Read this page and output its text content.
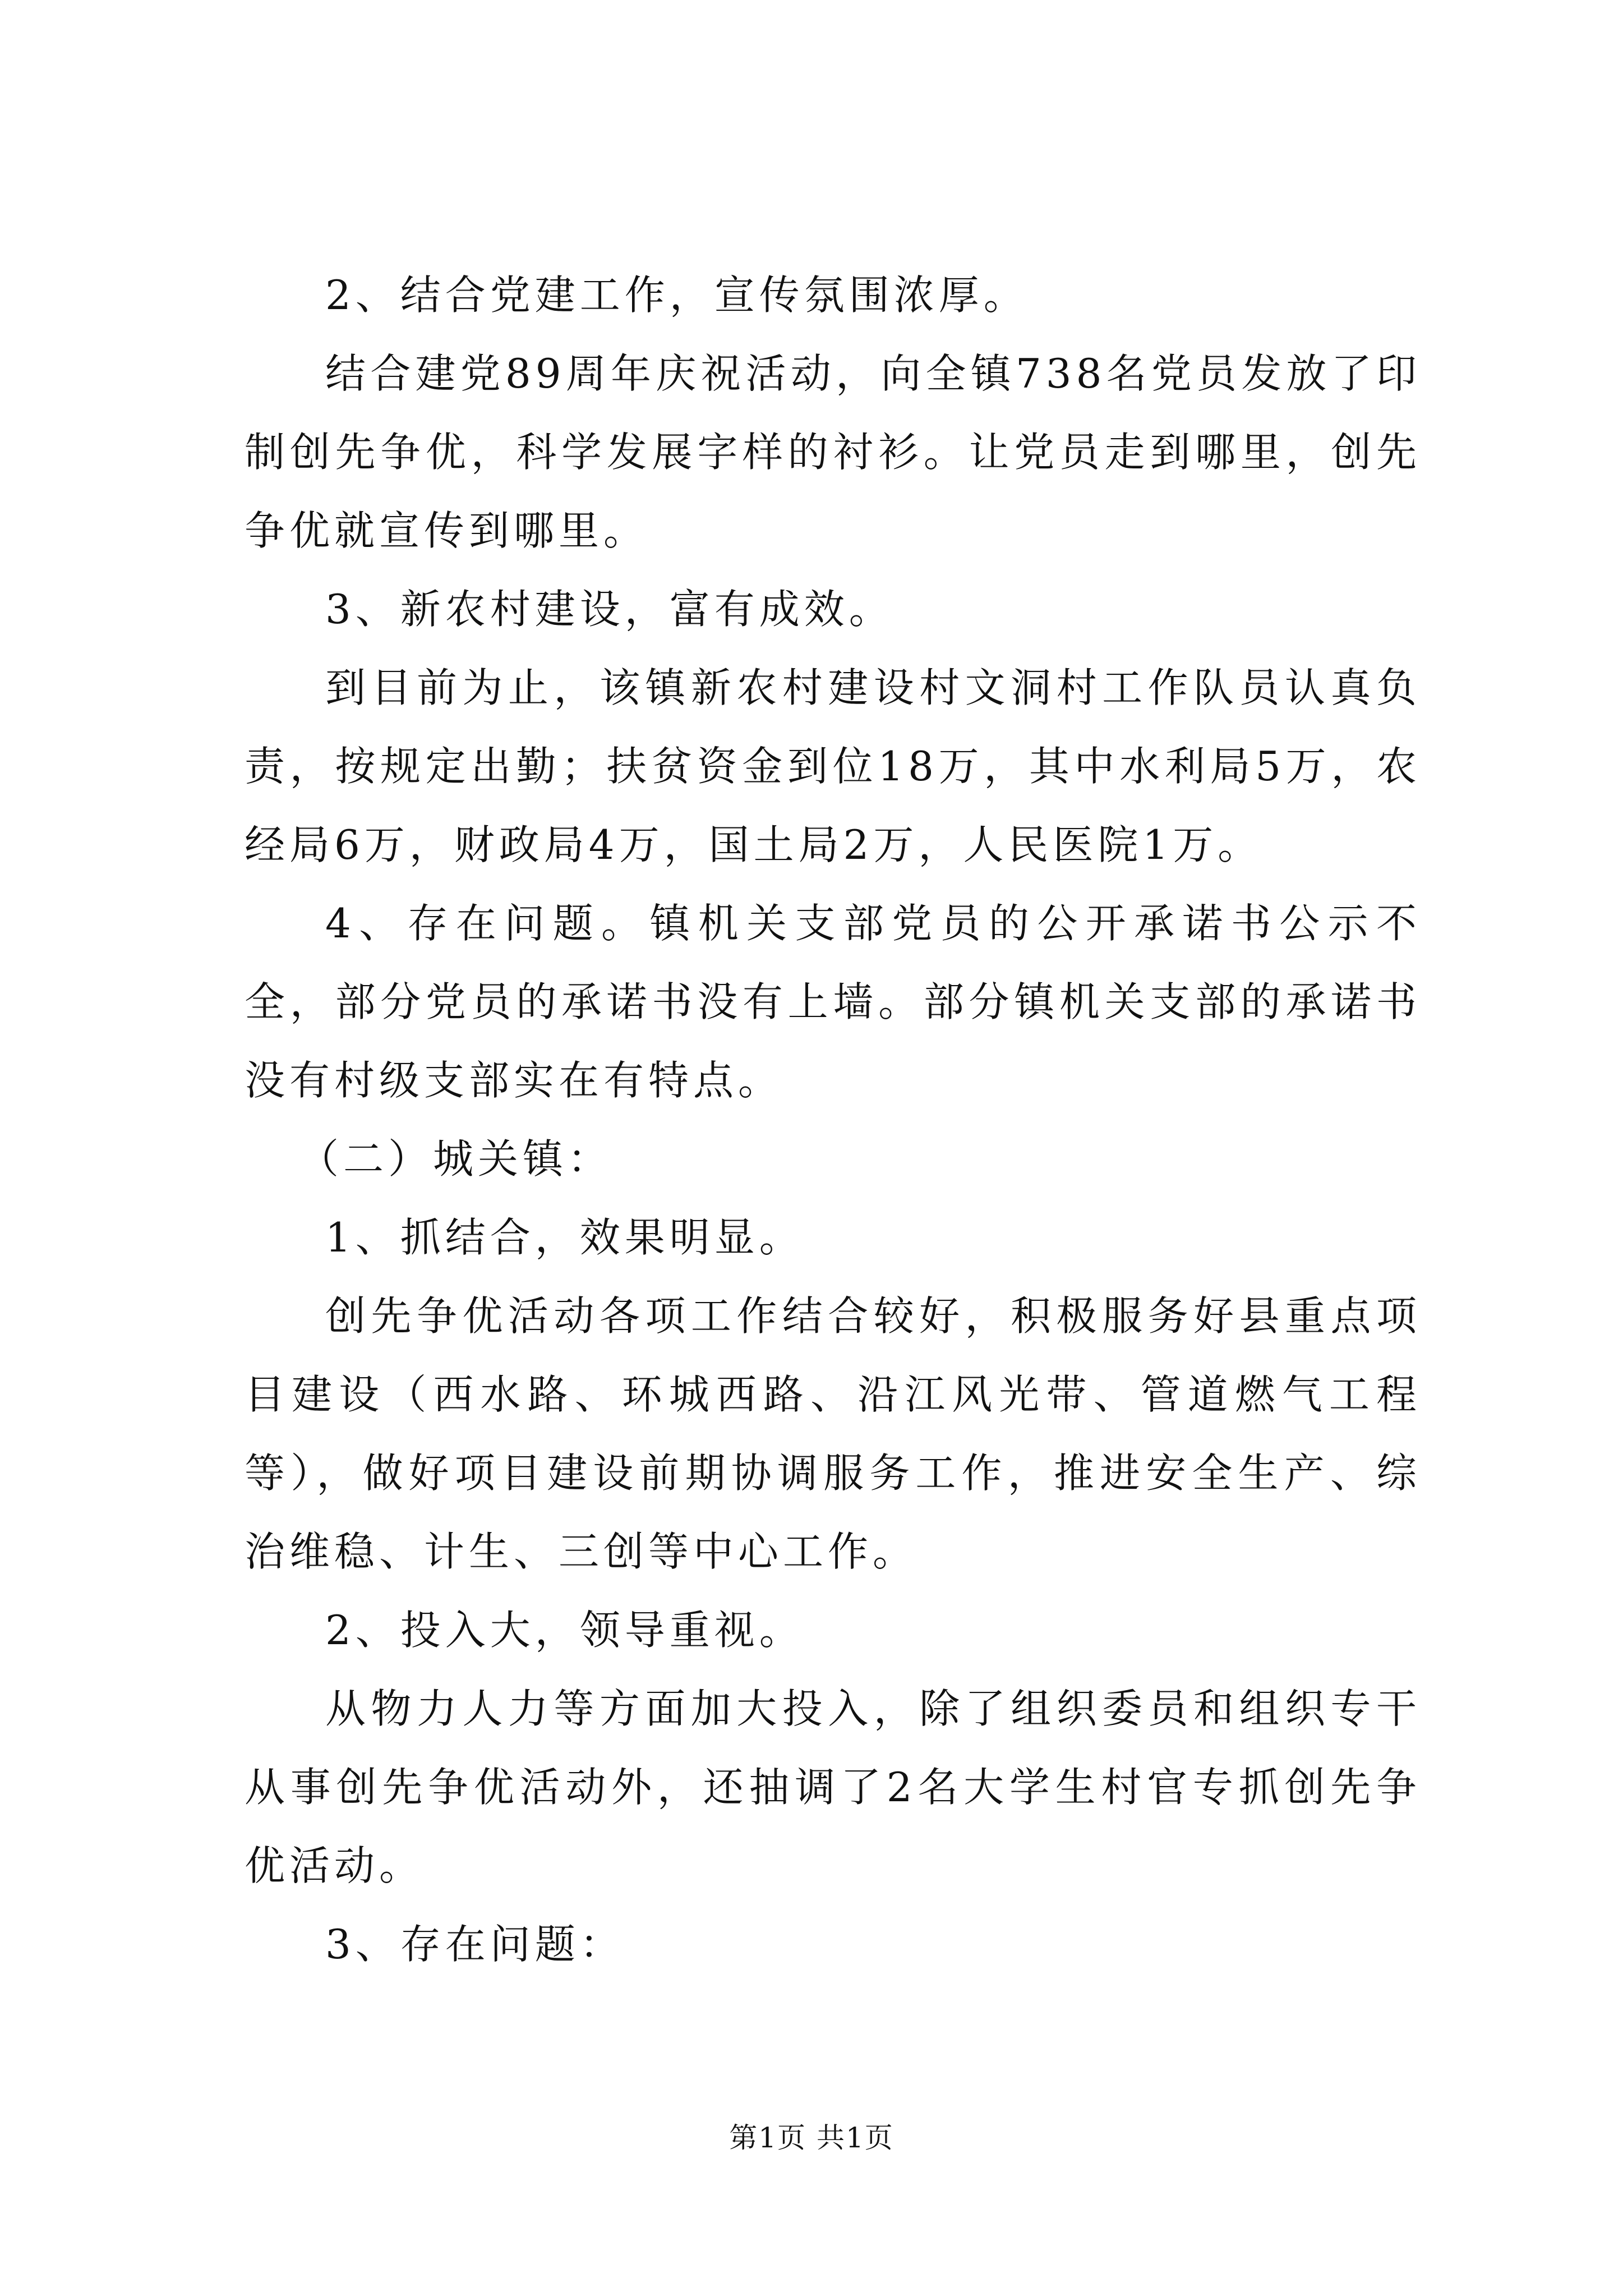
2、结合党建工作，宣传氛围浓厚。

结合建党89周年庆祝活动，向全镇738名党员发放了印制创先争优，科学发展字样的衬衫。让党员走到哪里，创先争优就宣传到哪里。

3、新农村建设，富有成效。

到目前为止，该镇新农村建设村文洞村工作队员认真负责，按规定出勤；扶贫资金到位18万，其中水利局5万，农经局6万，财政局4万，国土局2万，人民医院1万。

4、存在问题。镇机关支部党员的公开承诺书公示不全，部分党员的承诺书没有上墙。部分镇机关支部的承诺书没有村级支部实在有特点。

（二）城关镇：

1、抓结合，效果明显。

创先争优活动各项工作结合较好，积极服务好县重点项目建设（西水路、环城西路、沿江风光带、管道燃气工程等），做好项目建设前期协调服务工作，推进安全生产、综治维稳、计生、三创等中心工作。

2、投入大，领导重视。

从物力人力等方面加大投入，除了组织委员和组织专干从事创先争优活动外，还抽调了2名大学生村官专抓创先争优活动。

3、存在问题：

第1页 共1页
